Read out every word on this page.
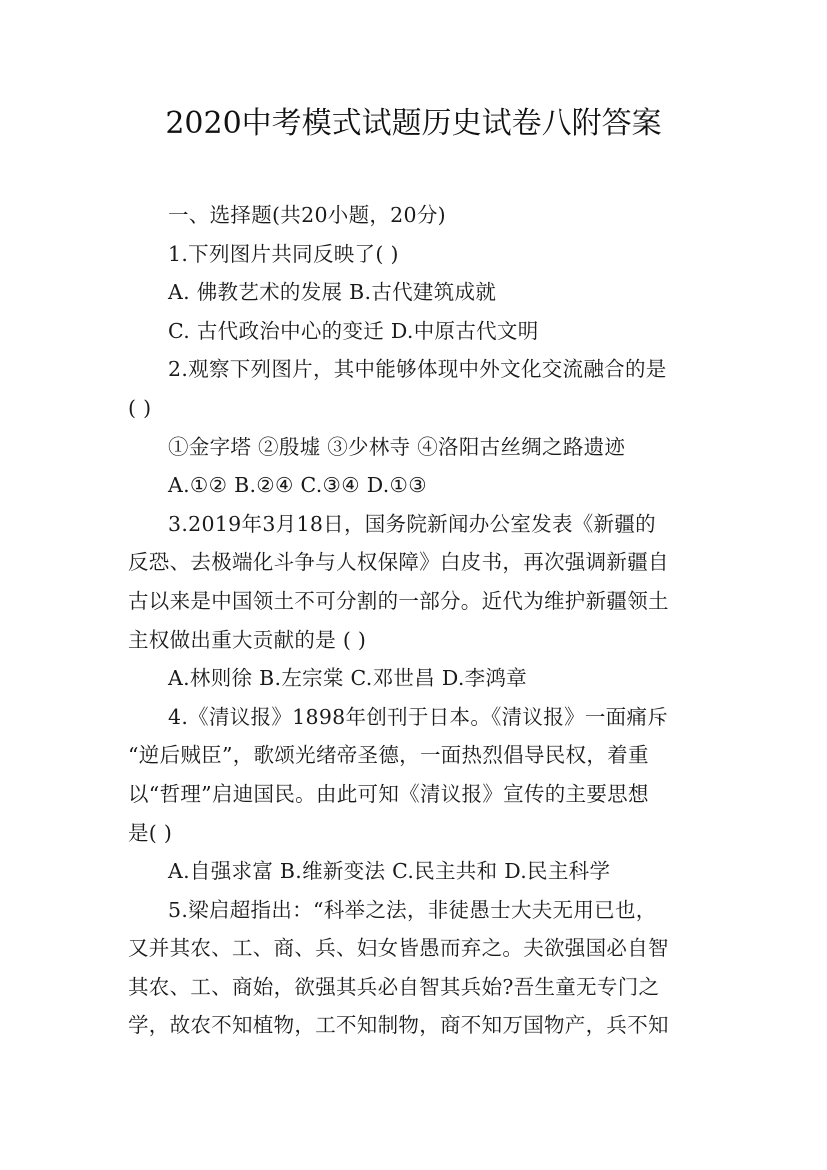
2020中考模式试题历史试卷八附答案
一、选择题(共20小题，20分)
1.下列图片共同反映了( )
A. 佛教艺术的发展 B.古代建筑成就
C. 古代政治中心的变迁 D.中原古代文明
2.观察下列图片，其中能够体现中外文化交流融合的是
( )
①金字塔 ②殷墟 ③少林寺 ④洛阳古丝绸之路遗迹
A.①② B.②④ C.③④ D.①③
3.2019年3月18日，国务院新闻办公室发表《新疆的
反恐、去极端化斗争与人权保障》白皮书，再次强调新疆自
古以来是中国领土不可分割的一部分。近代为维护新疆领土
主权做出重大贡献的是 ( )
A.林则徐 B.左宗棠 C.邓世昌 D.李鸿章
4.《清议报》1898年创刊于日本。《清议报》一面痛斥
“逆后贼臣”，歌颂光绪帝圣德，一面热烈倡导民权，着重
以“哲理”启迪国民。由此可知《清议报》宣传的主要思想
是( )
A.自强求富 B.维新变法 C.民主共和 D.民主科学
5.梁启超指出：“科举之法，非徒愚士大夫无用已也，
又并其农、工、商、兵、妇女皆愚而弃之。夫欲强国必自智
其农、工、商始，欲强其兵必自智其兵始?吾生童无专门之
学，故农不知植物，工不知制物，商不知万国物产，兵不知
